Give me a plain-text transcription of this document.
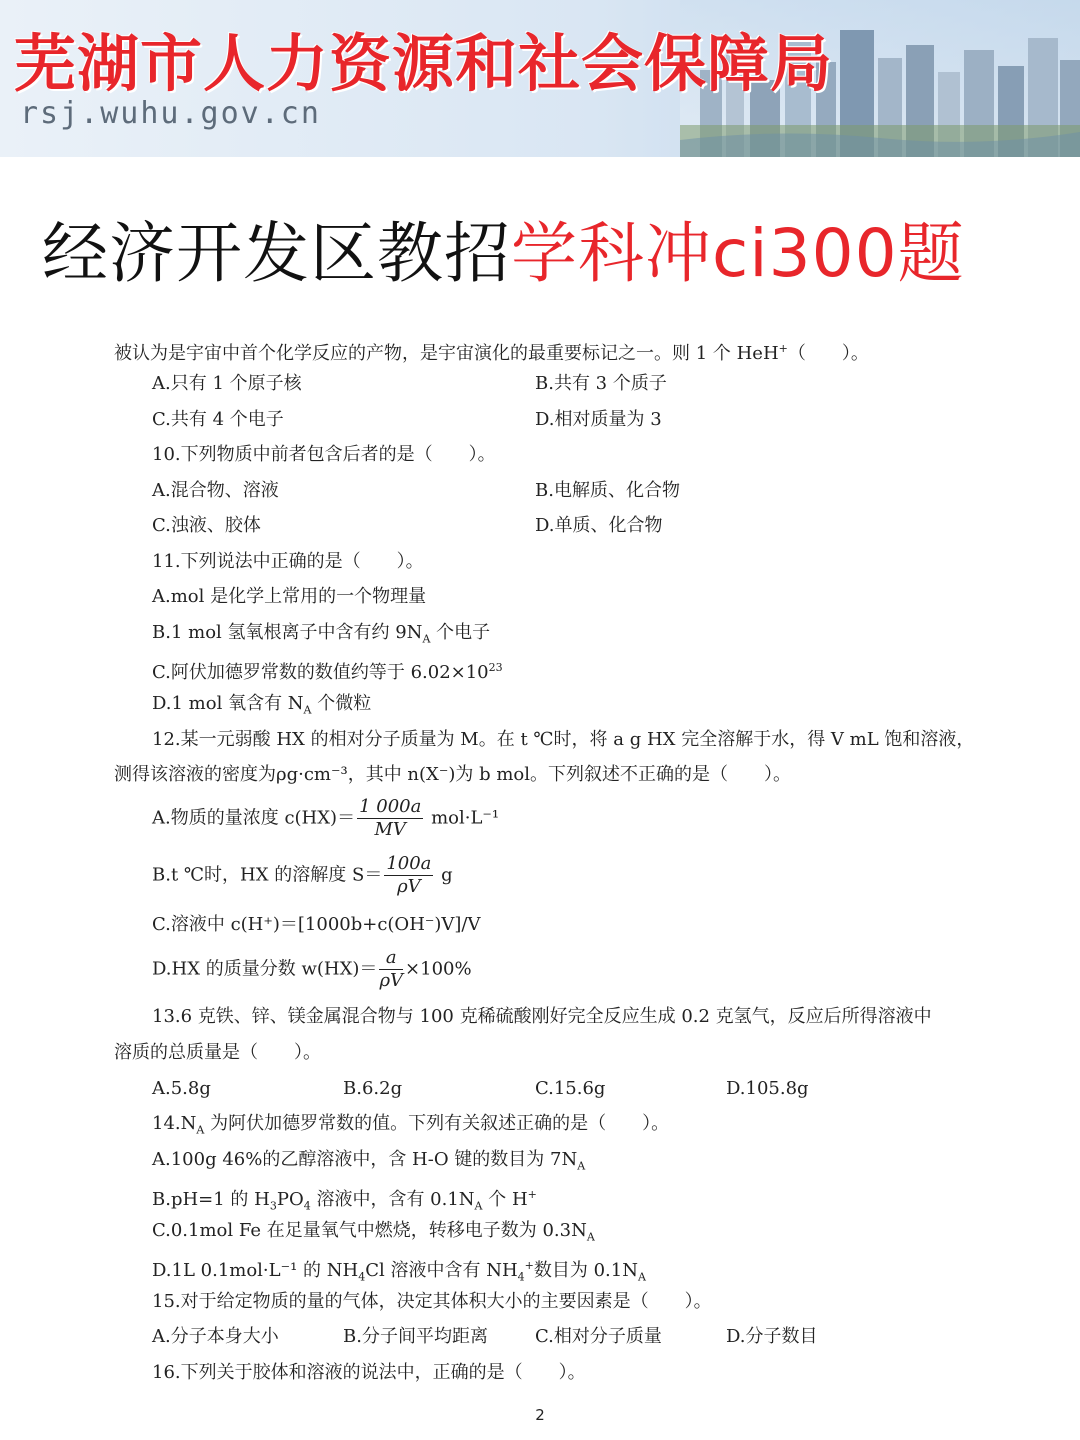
芜湖市人力资源和社会保障局
rsj.wuhu.gov.cn
经济开发区教招学科冲ci300题
被认为是宇宙中首个化学反应的产物，是宇宙演化的最重要标记之一。则 1 个 HeH+（　　）。
A.只有 1 个原子核	B.共有 3 个质子
C.共有 4 个电子	D.相对质量为 3
10.下列物质中前者包含后者的是（　　）。
A.混合物、溶液	B.电解质、化合物
C.浊液、胶体	D.单质、化合物
11.下列说法中正确的是（　　）。
A.mol 是化学上常用的一个物理量
B.1 mol 氢氧根离子中含有约 $9N_A$ 个电子
C.阿伏加德罗常数的数值约等于 $6.02\times 10^{23}$
D.1 mol 氧含有 $N_A$ 个微粒
12.某一元弱酸 HX 的相对分子质量为 M。在 t ℃时，将 a g HX 完全溶解于水，得 V mL 饱和溶液，
测得该溶液的密度为ρg·cm⁻³，其中 n(X⁻)为 b mol。下列叙述不正确的是（　　）。
A.物质的量浓度 $c(HX)= \frac{1 000a}{MV} mol\cdot L^{-1}$
B.t ℃时，HX 的溶解度 $S= \frac{100a}{\rho V}$ g
C.溶液中 c(H⁺)＝[1000b+c(OH⁻)V]/V
D.HX 的质量分数 $w(HX)= \frac{a}{\rho V} \times 100\%$
13.6 克铁、锌、镁金属混合物与 100 克稀硫酸刚好完全反应生成 0.2 克氢气，反应后所得溶液中
溶质的总质量是（　　）。
A.5.8g	B.6.2g	C.15.6g	D.105.8g
$14.N_A$ 为阿伏加德罗常数的值。下列有关叙述正确的是（　　）。
A.100g 46%的乙醇溶液中，含 H-O 键的数目为 $7N_A$
B.pH=1 的 $H_3PO_4$ 溶液中，含有 $0.1N_A$ 个 H+
C.0.1mol Fe 在足量氧气中燃烧，转移电子数为 $0.3N_A$
D.1L 0.1mol·L⁻¹ 的 $NH_4Cl$ 溶液中含有 $NH_4^+$数目为 $0.1N_A$
15.对于给定物质的量的气体，决定其体积大小的主要因素是（　　）。
A.分子本身大小	B.分子间平均距离	C.相对分子质量	D.分子数目
16.下列关于胶体和溶液的说法中，正确的是（　　）。
2
